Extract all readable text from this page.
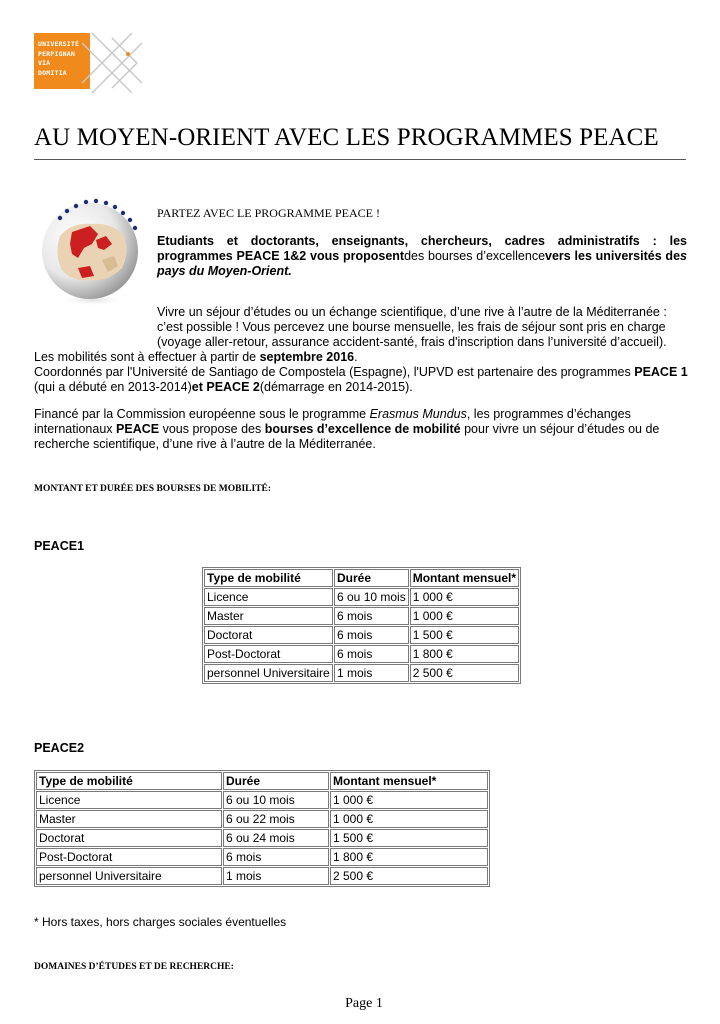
UNIVERSITÉ
PERPIGNAN
VIA
DOMITIA
AU MOYEN-ORIENT AVEC LES PROGRAMMES PEACE
PARTEZ AVEC LE PROGRAMME PEACE !
Etudiants et doctorants, enseignants, chercheurs, cadres administratifs : les programmes PEACE 1&2 vous proposentdes bourses d’excellencevers les universités des pays du Moyen-Orient.
Vivre un séjour d’études ou un échange scientifique, d’une rive à l’autre de la Méditerranée : c’est possible ! Vous percevez une bourse mensuelle, les frais de séjour sont pris en charge (voyage aller-retour, assurance accident-santé, frais d'inscription dans l’université d’accueil).
Les mobilités sont à effectuer à partir de septembre 2016.
Coordonnés par l'Université de Santiago de Compostela (Espagne), l'UPVD est partenaire des programmes PEACE 1 (qui a débuté en 2013-2014)et PEACE 2(démarrage en 2014-2015).
Financé par la Commission européenne sous le programme Erasmus Mundus, les programmes d’échanges internationaux PEACE vous propose des bourses d’excellence de mobilité pour vivre un séjour d’études ou de recherche scientifique, d’une rive à l’autre de la Méditerranée.
MONTANT ET DURÉE DES BOURSES DE MOBILITÉ:
PEACE1
Type de mobilité	Durée	Montant mensuel*
Licence	6 ou 10 mois	1 000 €
Master	6 mois	1 000 €
Doctorat	6 mois	1 500 €
Post-Doctorat	6 mois	1 800 €
personnel Universitaire	1 mois	2 500 €
PEACE2
Type de mobilité	Durée	Montant mensuel*
Licence	6 ou 10 mois	1 000 €
Master	6 ou 22 mois	1 000 €
Doctorat	6 ou 24 mois	1 500 €
Post-Doctorat	6 mois	1 800 €
personnel Universitaire	1 mois	2 500 €
* Hors taxes, hors charges sociales éventuelles
DOMAINES D’ÉTUDES ET DE RECHERCHE:
Page 1
